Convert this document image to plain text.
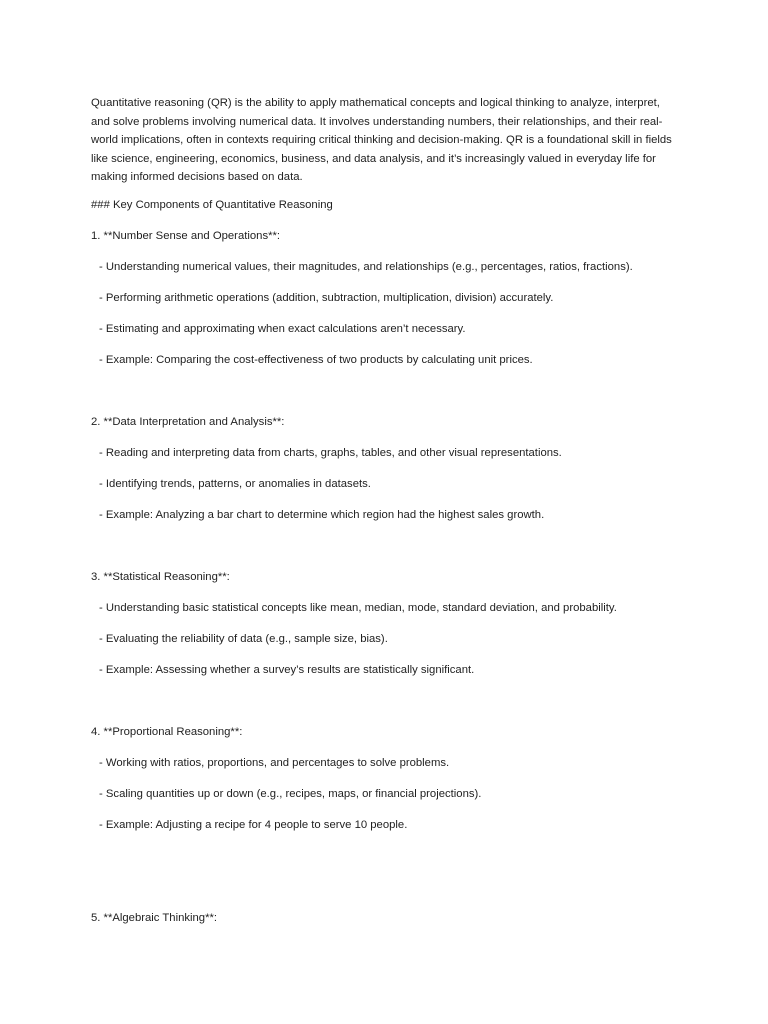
Quantitative reasoning (QR) is the ability to apply mathematical concepts and logical thinking to analyze, interpret, and solve problems involving numerical data. It involves understanding numbers, their relationships, and their real-world implications, often in contexts requiring critical thinking and decision-making. QR is a foundational skill in fields like science, engineering, economics, business, and data analysis, and it’s increasingly valued in everyday life for making informed decisions based on data.

### Key Components of Quantitative Reasoning

1. **Number Sense and Operations**:

- Understanding numerical values, their magnitudes, and relationships (e.g., percentages, ratios, fractions).

- Performing arithmetic operations (addition, subtraction, multiplication, division) accurately.

- Estimating and approximating when exact calculations aren’t necessary.

- Example: Comparing the cost-effectiveness of two products by calculating unit prices.

2. **Data Interpretation and Analysis**:

- Reading and interpreting data from charts, graphs, tables, and other visual representations.

- Identifying trends, patterns, or anomalies in datasets.

- Example: Analyzing a bar chart to determine which region had the highest sales growth.

3. **Statistical Reasoning**:

- Understanding basic statistical concepts like mean, median, mode, standard deviation, and probability.

- Evaluating the reliability of data (e.g., sample size, bias).

- Example: Assessing whether a survey’s results are statistically significant.

4. **Proportional Reasoning**:

- Working with ratios, proportions, and percentages to solve problems.

- Scaling quantities up or down (e.g., recipes, maps, or financial projections).

- Example: Adjusting a recipe for 4 people to serve 10 people.

5. **Algebraic Thinking**:
